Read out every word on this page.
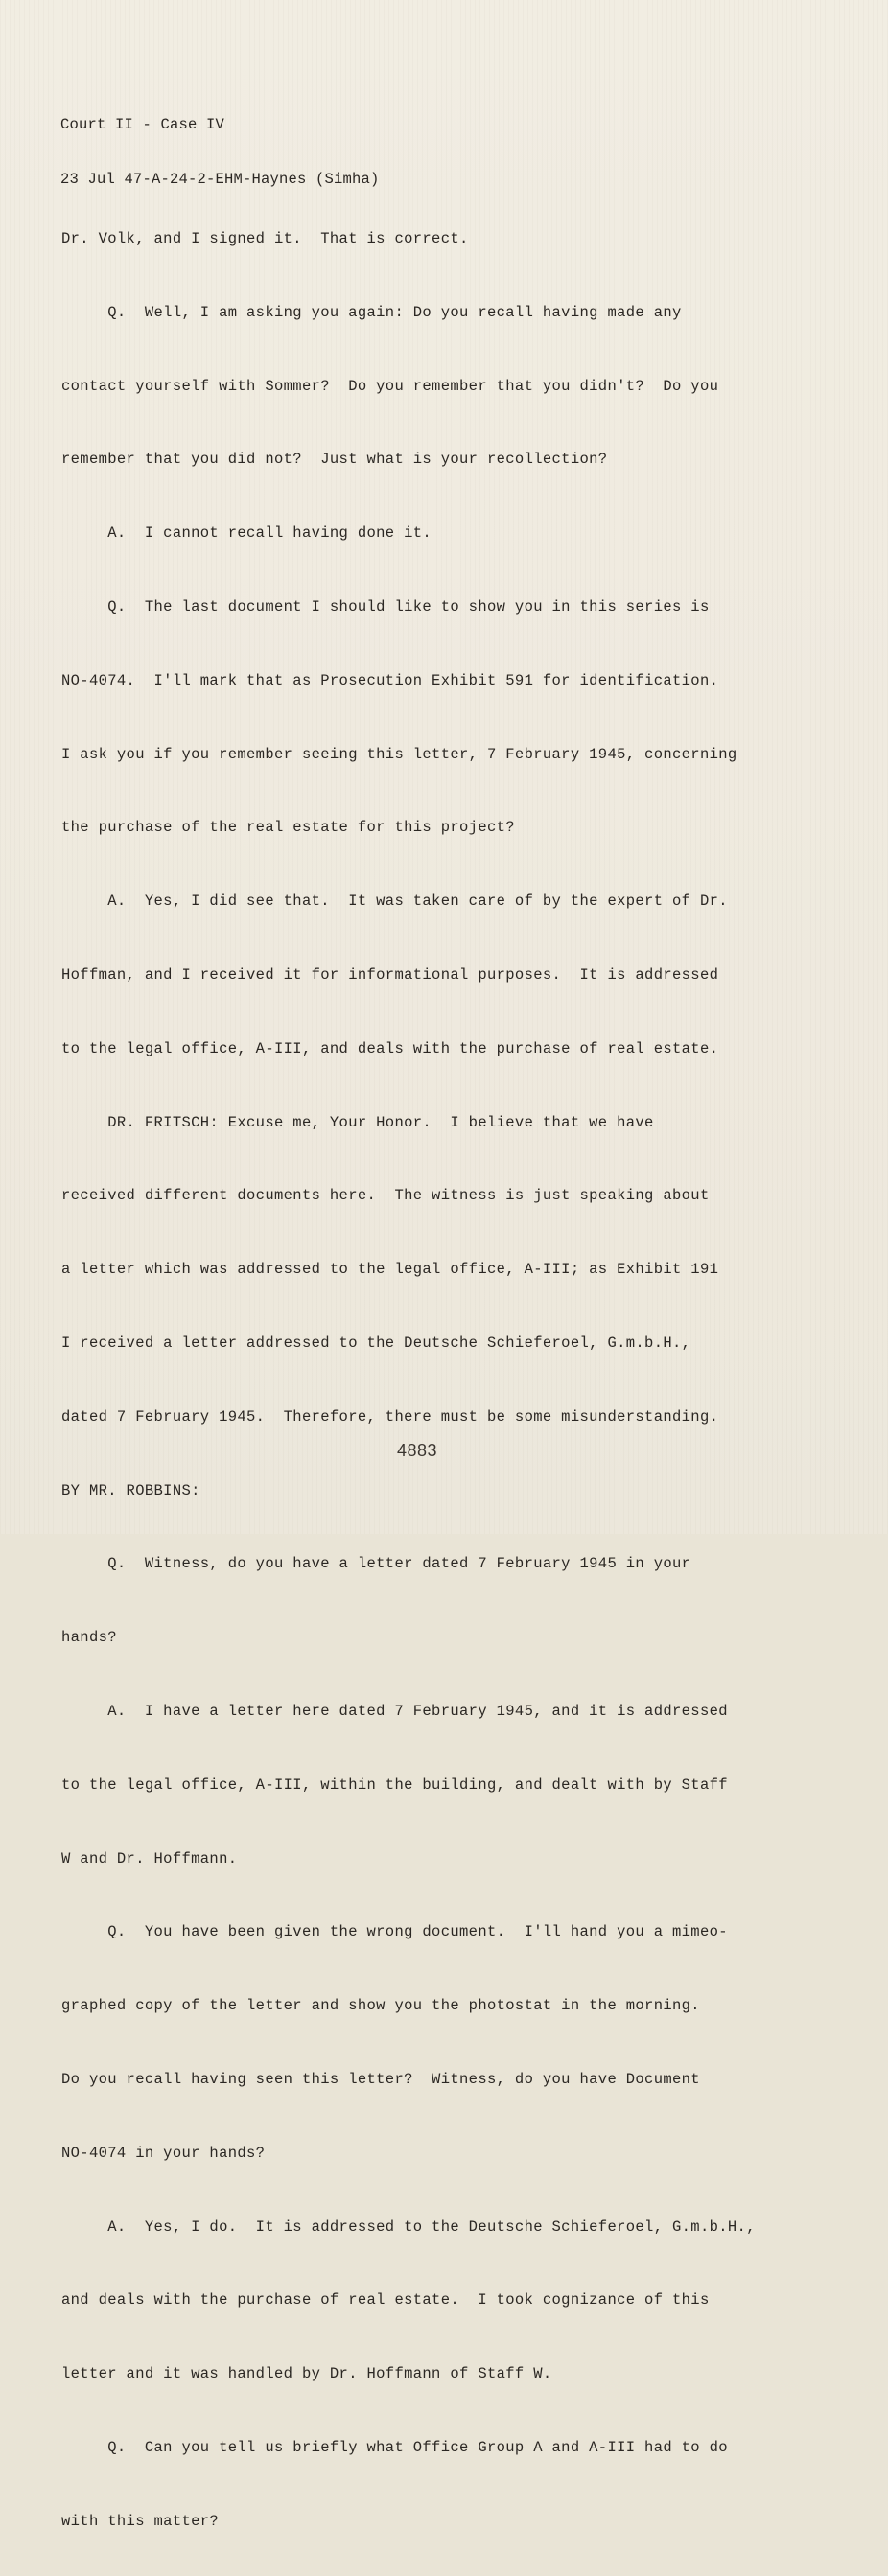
Court II - Case IV

23 Jul 47-A-24-2-EHM-Haynes (Simha)

Dr. Volk, and I signed it.  That is correct.

Q.  Well, I am asking you again: Do you recall having made any

contact yourself with Sommer?  Do you remember that you didn't?  Do you

remember that you did not?  Just what is your recollection?

A.  I cannot recall having done it.

Q.  The last document I should like to show you in this series is

NO-4074.  I'll mark that as Prosecution Exhibit 591 for identification.

I ask you if you remember seeing this letter, 7 February 1945, concerning

the purchase of the real estate for this project?

A.  Yes, I did see that.  It was taken care of by the expert of Dr.

Hoffman, and I received it for informational purposes.  It is addressed

to the legal office, A-III, and deals with the purchase of real estate.

DR. FRITSCH: Excuse me, Your Honor.  I believe that we have

received different documents here.  The witness is just speaking about

a letter which was addressed to the legal office, A-III; as Exhibit 191

I received a letter addressed to the Deutsche Schieferoel, G.m.b.H.,

dated 7 February 1945.  Therefore, there must be some misunderstanding.

BY MR. ROBBINS:

Q.  Witness, do you have a letter dated 7 February 1945 in your

hands?

A.  I have a letter here dated 7 February 1945, and it is addressed

to the legal office, A-III, within the building, and dealt with by Staff

W and Dr. Hoffmann.

Q.  You have been given the wrong document.  I'll hand you a mimeo-

graphed copy of the letter and show you the photostat in the morning.

Do you recall having seen this letter?  Witness, do you have Document

NO-4074 in your hands?

A.  Yes, I do.  It is addressed to the Deutsche Schieferoel, G.m.b.H.,

and deals with the purchase of real estate.  I took cognizance of this

letter and it was handled by Dr. Hoffmann of Staff W.

Q.  Can you tell us briefly what Office Group A and A-III had to do

with this matter?

4883
